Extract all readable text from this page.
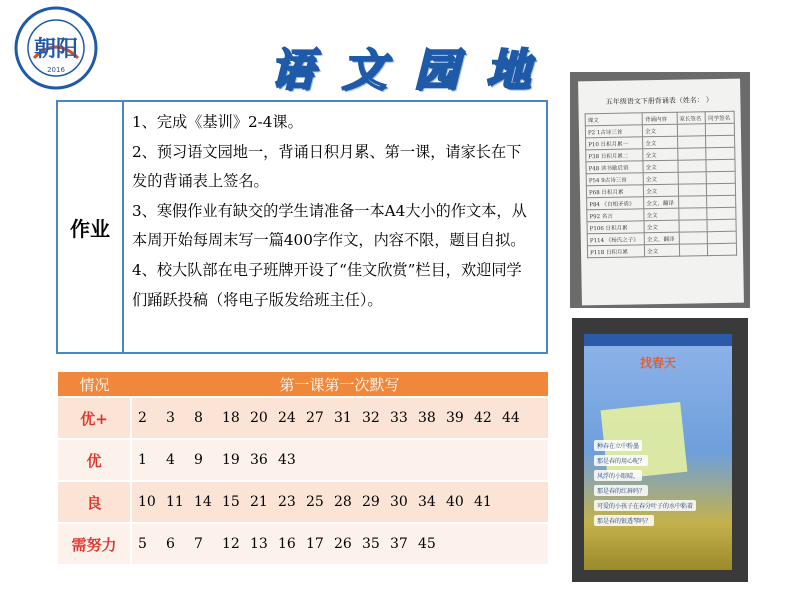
朝阳
2016	语 文 园 地
作业

1、完成《基训》2-4课。

2、预习语文园地一，背诵日积月累、第一课，请家长在下发的背诵表上签名。

3、寒假作业有缺交的学生请准备一本A4大小的作文本，从本周开始每周末写一篇400字作文，内容不限，题目自拟。

4、校大队部在电子班牌开设了“佳文欣赏”栏目，欢迎同学们踊跃投稿（将电子版发给班主任）。

情况	第一课第一次默写
优+	2 3 8 18 20 24 27 31 32 33 38 39 42 44
优	1 4 9 19 36 43
良	10 11 14 15 21 23 25 28 29 30 34 40 41
需努力	5 6 7 12 13 16 17 26 35 37 45
五年级语文下册背诵表（姓名： ）
课文	背诵内容	家长签名	同学签名
P2 1古诗三首	全文		
P10 日积月累一	全文		
P38 日积月累二	全文		
P48 读书歇后语	全文		
P54 9古诗三首	全文		
P68 日积月累	全文		
P84 《自相矛盾》	全文，翻译		
P92 名言	全文		
P106 日积月累	全文		
P114 《杨氏之子》	全文，翻译		
P118 日积月累	全文		
找春天
种春在立中粉墨
那是春的用心呢？
风浮的小眼晴，
那是春的红唇吗？
可爱的小孩子在春分叶子的水中粘着
那是春的银透琴吗？
